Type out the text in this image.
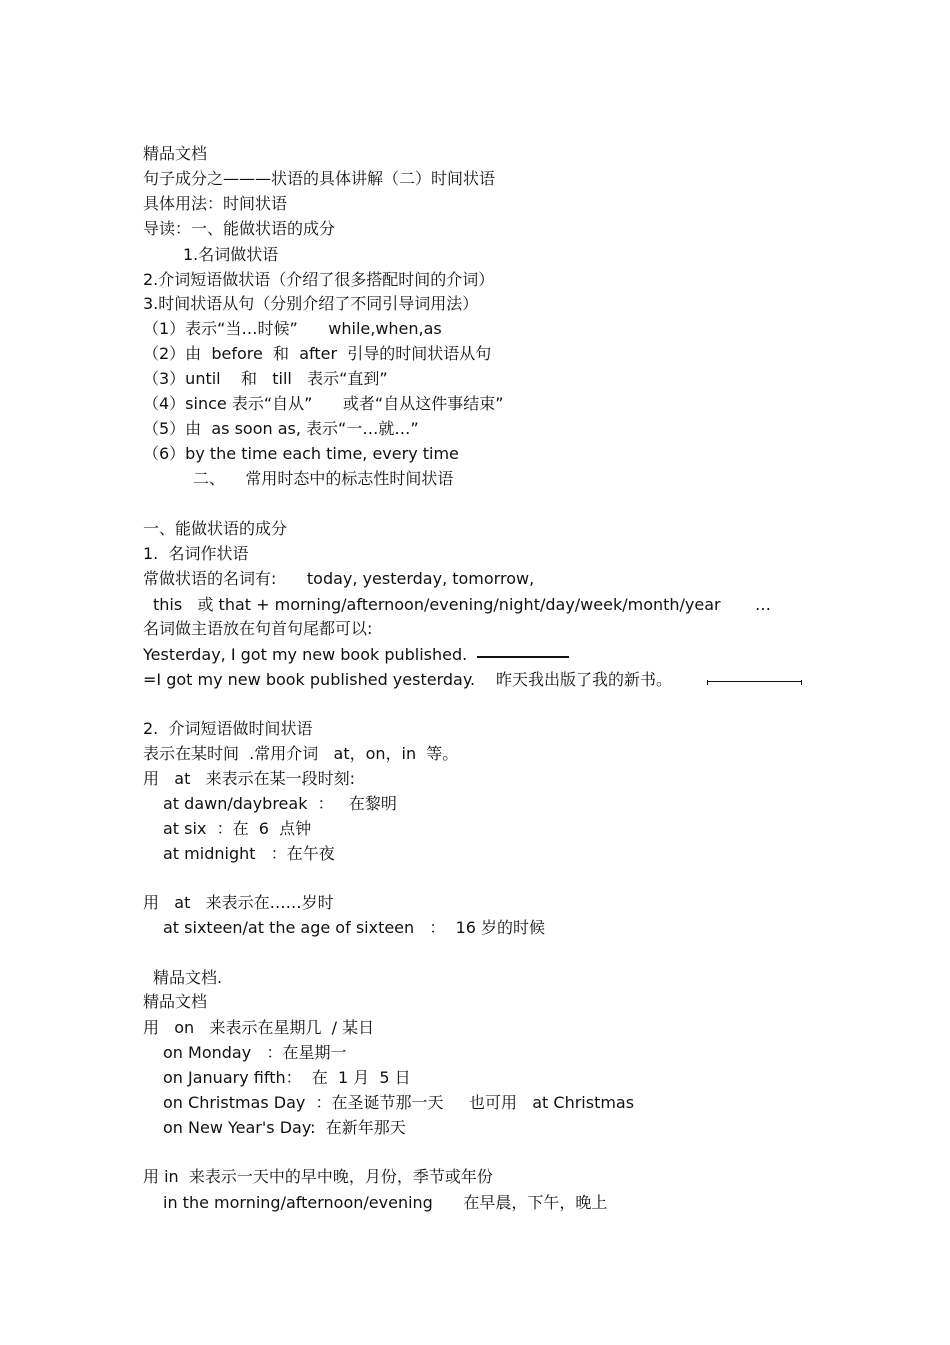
精品文档
句子成分之———状语的具体讲解（二）时间状语
具体用法：时间状语
导读：一、能做状语的成分
1.名词做状语
2.介词短语做状语（介绍了很多搭配时间的介词）
3.时间状语从句（分别介绍了不同引导词用法）
（1）表示“当…时候”      while,when,as
（2）由  before  和  after  引导的时间状语从句
（3）until    和   till   表示“直到”
（4）since 表示“自从”      或者“自从这件事结束”
（5）由  as soon as, 表示“一…就…”
（6）by the time each time, every time
二、    常用时态中的标志性时间状语
一、能做状语的成分
1.  名词作状语
常做状语的名词有:      today, yesterday, tomorrow,
this   或 that + morning/afternoon/evening/night/day/week/month/year …
名词做主语放在句首句尾都可以:
Yesterday, I got my new book published.
=I got my new book published yesterday. 昨天我出版了我的新书。
2.  介词短语做时间状语
表示在某时间  .常用介词   at，on，in  等。
用   at   来表示在某一段时刻:
at dawn/daybreak  ：   在黎明
at six  ：在  6  点钟
at midnight   ：在午夜
用   at   来表示在……岁时
at sixteen/at the age of sixteen   ：  16 岁的时候
精品文档.
精品文档
用   on   来表示在星期几  / 某日
on Monday   ：在星期一
on January fifth：  在  1 月  5 日
on Christmas Day  ：在圣诞节那一天     也可用   at Christmas
on New Year's Day:  在新年那天
用 in  来表示一天中的早中晚，月份，季节或年份
in the morning/afternoon/evening      在早晨，下午，晚上
